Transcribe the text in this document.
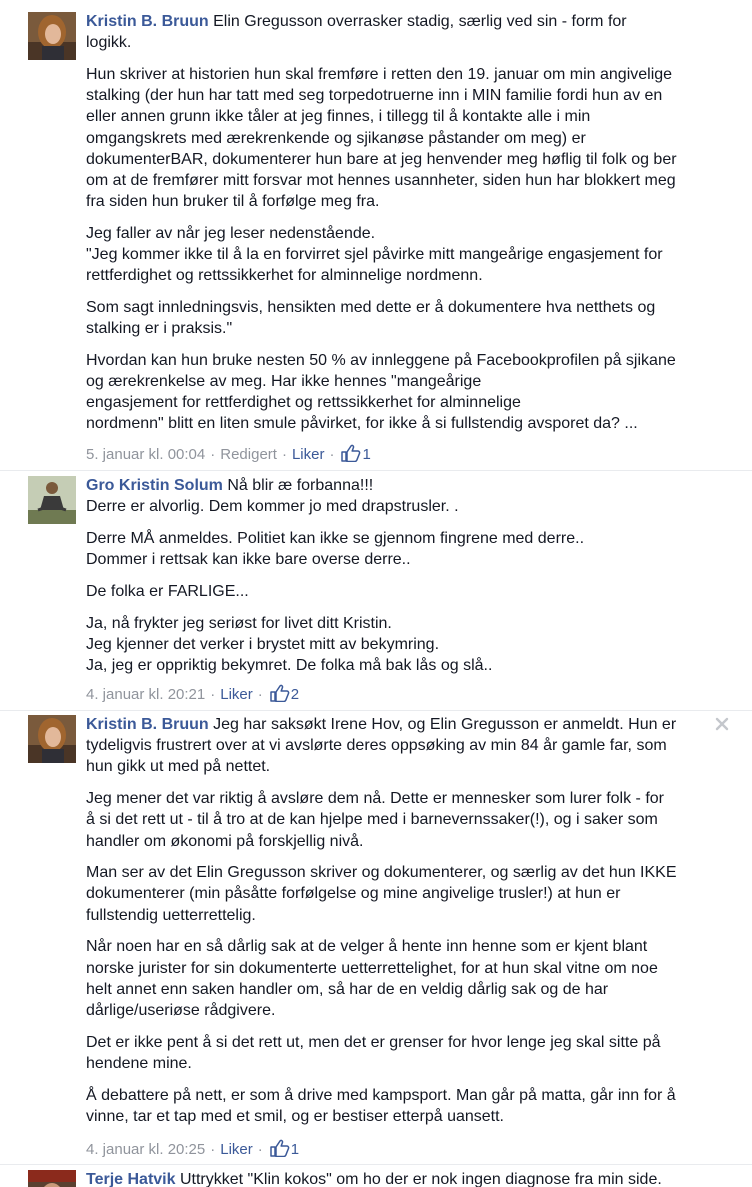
Kristin B. Bruun Elin Gregusson overrasker stadig, særlig ved sin - form for
logikk.

Hun skriver at historien hun skal fremføre i retten den 19. januar om min angivelige
stalking (der hun har tatt med seg torpedotruerne inn i MIN familie fordi hun av en
eller annen grunn ikke tåler at jeg finnes, i tillegg til å kontakte alle i min
omgangskrets med ærekrenkende og sjikanøse påstander om meg) er
dokumenterBAR, dokumenterer hun bare at jeg henvender meg høflig til folk og ber
om at de fremfører mitt forsvar mot hennes usannheter, siden hun har blokkert meg
fra siden hun bruker til å forfølge meg fra.

Jeg faller av når jeg leser nedenstående.
"Jeg kommer ikke til å la en forvirret sjel påvirke mitt mangeårige engasjement for
rettferdighet og rettssikkerhet for alminnelige nordmenn.

Som sagt innledningsvis, hensikten med dette er å dokumentere hva netthets og
stalking er i praksis."

Hvordan kan hun bruke nesten 50 % av innleggene på Facebookprofilen på sjikane
og ærekrenkelse av meg. Har ikke hennes "mangeårige
engasjement for rettferdighet og rettssikkerhet for alminnelige
nordmenn" blitt en liten smule påvirket, for ikke å si fullstendig avsporet da? ...

5. januar kl. 00:04 · Redigert · Liker · 1

Gro Kristin Solum Nå blir æ forbanna!!!
Derre er alvorlig. Dem kommer jo med drapstrusler. .

Derre MÅ anmeldes. Politiet kan ikke se gjennom fingrene med derre..
Dommer i rettsak kan ikke bare overse derre..

De folka er FARLIGE...

Ja, nå frykter jeg seriøst for livet ditt Kristin.
Jeg kjenner det verker i brystet mitt av bekymring.
Ja, jeg er oppriktig bekymret. De folka må bak lås og slå..

4. januar kl. 20:21 · Liker · 2

Kristin B. Bruun Jeg har saksøkt Irene Hov, og Elin Gregusson er anmeldt. Hun er
tydeligvis frustrert over at vi avslørte deres oppsøking av min 84 år gamle far, som
hun gikk ut med på nettet.

Jeg mener det var riktig å avsløre dem nå. Dette er mennesker som lurer folk - for
å si det rett ut - til å tro at de kan hjelpe med i barnevernssaker(!), og i saker som
handler om økonomi på forskjellig nivå.

Man ser av det Elin Gregusson skriver og dokumenterer, og særlig av det hun IKKE
dokumenterer (min påsåtte forfølgelse og mine angivelige trusler!) at hun er
fullstendig uetterrettelig.

Når noen har en så dårlig sak at de velger å hente inn henne som er kjent blant
norske jurister for sin dokumenterte uetterrettelighet, for at hun skal vitne om noe
helt annet enn saken handler om, så har de en veldig dårlig sak og de har
dårlige/useriøse rådgivere.

Det er ikke pent å si det rett ut, men det er grenser for hvor lenge jeg skal sitte på
hendene mine.

Å debattere på nett, er som å drive med kampsport. Man går på matta, går inn for å
vinne, tar et tap med et smil, og er bestiser etterpå uansett.

4. januar kl. 20:25 · Liker · 1

Terje Hatvik Uttrykket "Klin kokos" om ho der er nok ingen diagnose fra min side.
